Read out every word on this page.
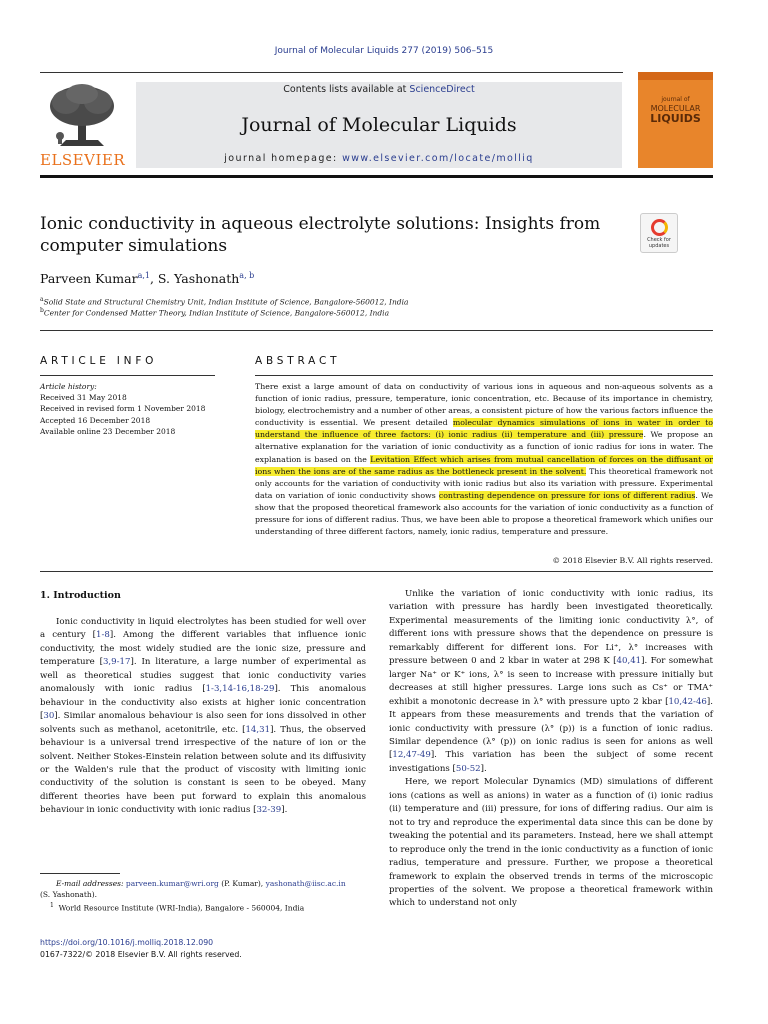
Journal of Molecular Liquids 277 (2019) 506–515
ELSEVIER
Contents lists available at ScienceDirect
Journal of Molecular Liquids
journal homepage: www.elsevier.com/locate/molliq
journal of
MOLECULAR
LIQUIDS
Ionic conductivity in aqueous electrolyte solutions: Insights from
computer simulations	Check for
updates
Parveen Kumar$^{a,1}$, S. Yashonath$^{a, b}$
$^a$Solid State and Structural Chemistry Unit, Indian Institute of Science, Bangalore-560012, India
$^b$Center for Condensed Matter Theory, Indian Institute of Science, Bangalore-560012, India
ARTICLE INFO	ABSTRACT
Article history:
Received 31 May 2018
Received in revised form 1 November 2018
Accepted 16 December 2018
Available online 23 December 2018
There exist a large amount of data on conductivity of various ions in aqueous and non-aqueous solvents as a function of ionic radius, pressure, temperature, ionic concentration, etc. Because of its importance in chemistry, biology, electrochemistry and a number of other areas, a consistent picture of how the various factors influence the conductivity is essential. We present detailed molecular dynamics simulations of ions in water in order to understand the influence of three factors: (i) ionic radius (ii) temperature and (iii) pressure. We propose an alternative explanation for the variation of ionic conductivity as a function of ionic radius for ions in water. The explanation is based on the Levitation Effect which arises from mutual cancellation of forces on the diffusant or ions when the ions are of the same radius as the bottleneck present in the solvent. This theoretical framework not only accounts for the variation of conductivity with ionic radius but also its variation with pressure. Experimental data on variation of ionic conductivity shows contrasting dependence on pressure for ions of different radius. We show that the proposed theoretical framework also accounts for the variation of ionic conductivity as a function of pressure for ions of different radius. Thus, we have been able to propose a theoretical framework which unifies our understanding of three different factors, namely, ionic radius, temperature and pressure.
© 2018 Elsevier B.V. All rights reserved.
1. Introduction

Ionic conductivity in liquid electrolytes has been studied for well over a century [1-8]. Among the different variables that influence ionic conductivity, the most widely studied are the ionic size, pressure and temperature [3,9-17]. In literature, a large number of experimental as well as theoretical studies suggest that ionic conductivity varies anomalously with ionic radius [1-3,14-16,18-29]. This anomalous behaviour in the conductivity also exists at higher ionic concentration [30]. Similar anomalous behaviour is also seen for ions dissolved in other solvents such as methanol, acetonitrile, etc. [14,31]. Thus, the observed behaviour is a universal trend irrespective of the nature of ion or the solvent. Neither Stokes-Einstein relation between solute and its diffusivity or the Walden's rule that the product of viscosity with limiting ionic conductivity of the solution is constant is seen to be obeyed. Many different theories have been put forward to explain this anomalous behaviour in ionic conductivity with ionic radius [32-39].

Unlike the variation of ionic conductivity with ionic radius, its variation with pressure has hardly been investigated theoretically. Experimental measurements of the limiting ionic conductivity λ°, of different ions with pressure shows that the dependence on pressure is remarkably different for different ions. For Li⁺, λ° increases with pressure between 0 and 2 kbar in water at 298 K [40,41]. For somewhat larger Na⁺ or K⁺ ions, λ° is seen to increase with pressure initially but decreases at still higher pressures. Large ions such as Cs⁺ or TMA⁺ exhibit a monotonic decrease in λ° with pressure upto 2 kbar [10,42-46]. It appears from these measurements and trends that the variation of ionic conductivity with pressure (λ° (p)) is a function of ionic radius. Similar dependence (λ° (p)) on ionic radius is seen for anions as well [12,47-49]. This variation has been the subject of some recent investigations [50-52].

Here, we report Molecular Dynamics (MD) simulations of different ions (cations as well as anions) in water as a function of (i) ionic radius (ii) temperature and (iii) pressure, for ions of differing radius. Our aim is not to try and reproduce the experimental data since this can be done by tweaking the potential and its parameters. Instead, here we shall attempt to reproduce only the trend in the ionic conductivity as a function of ionic radius, temperature and pressure. Further, we propose a theoretical framework to explain the observed trends in terms of the microscopic properties of the solvent. We propose a theoretical framework within which to understand not only

E-mail addresses: parveen.kumar@wri.org (P. Kumar), yashonath@iisc.ac.in
(S. Yashonath).
$^1$ World Resource Institute (WRI-India), Bangalore - 560004, India
https://doi.org/10.1016/j.molliq.2018.12.090
0167-7322/© 2018 Elsevier B.V. All rights reserved.
